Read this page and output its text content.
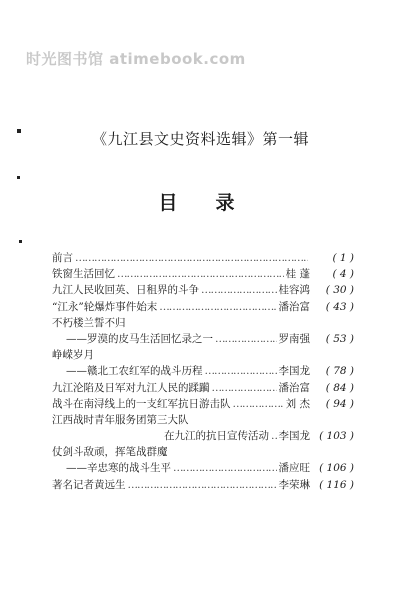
时光图书馆 atimebook.com
《九江县文史资料选辑》第一辑
目录
前言 …………………………………………………………………………	( 1 )
铁窗生活回忆 …………………………………………………………………………	桂 蓬	( 4 )
九江人民收回英、日租界的斗争 …………………………………………………………………………	桂容鸿	( 30 )
“江永”轮爆炸事件始末 …………………………………………………………………………	潘治富	( 43 )
不朽楼兰誓不归
——罗漠的皮马生活回忆录之一 …………………………………………………………………………	罗南强	( 53 )
峥嵘岁月
——赣北工农红军的战斗历程 …………………………………………………………………………	李国龙	( 78 )
九江沦陷及日军对九江人民的蹂躏 …………………………………………………………………………	潘治富	( 84 )
战斗在南浔线上的一支红军抗日游击队 …………………………………………………………………………	刘 杰	( 94 )
江西战时青年服务团第三大队
在九江的抗日宣传活动 ………………………………………………………………………… 李国龙 ( 103 )
仗剑斗敌顽，挥笔战群魔
——辛忠寒的战斗生平 …………………………………………………………………………	潘应旺 ( 106 )
著名记者黄远生 …………………………………………………………………………	李荣琳 ( 116 )
